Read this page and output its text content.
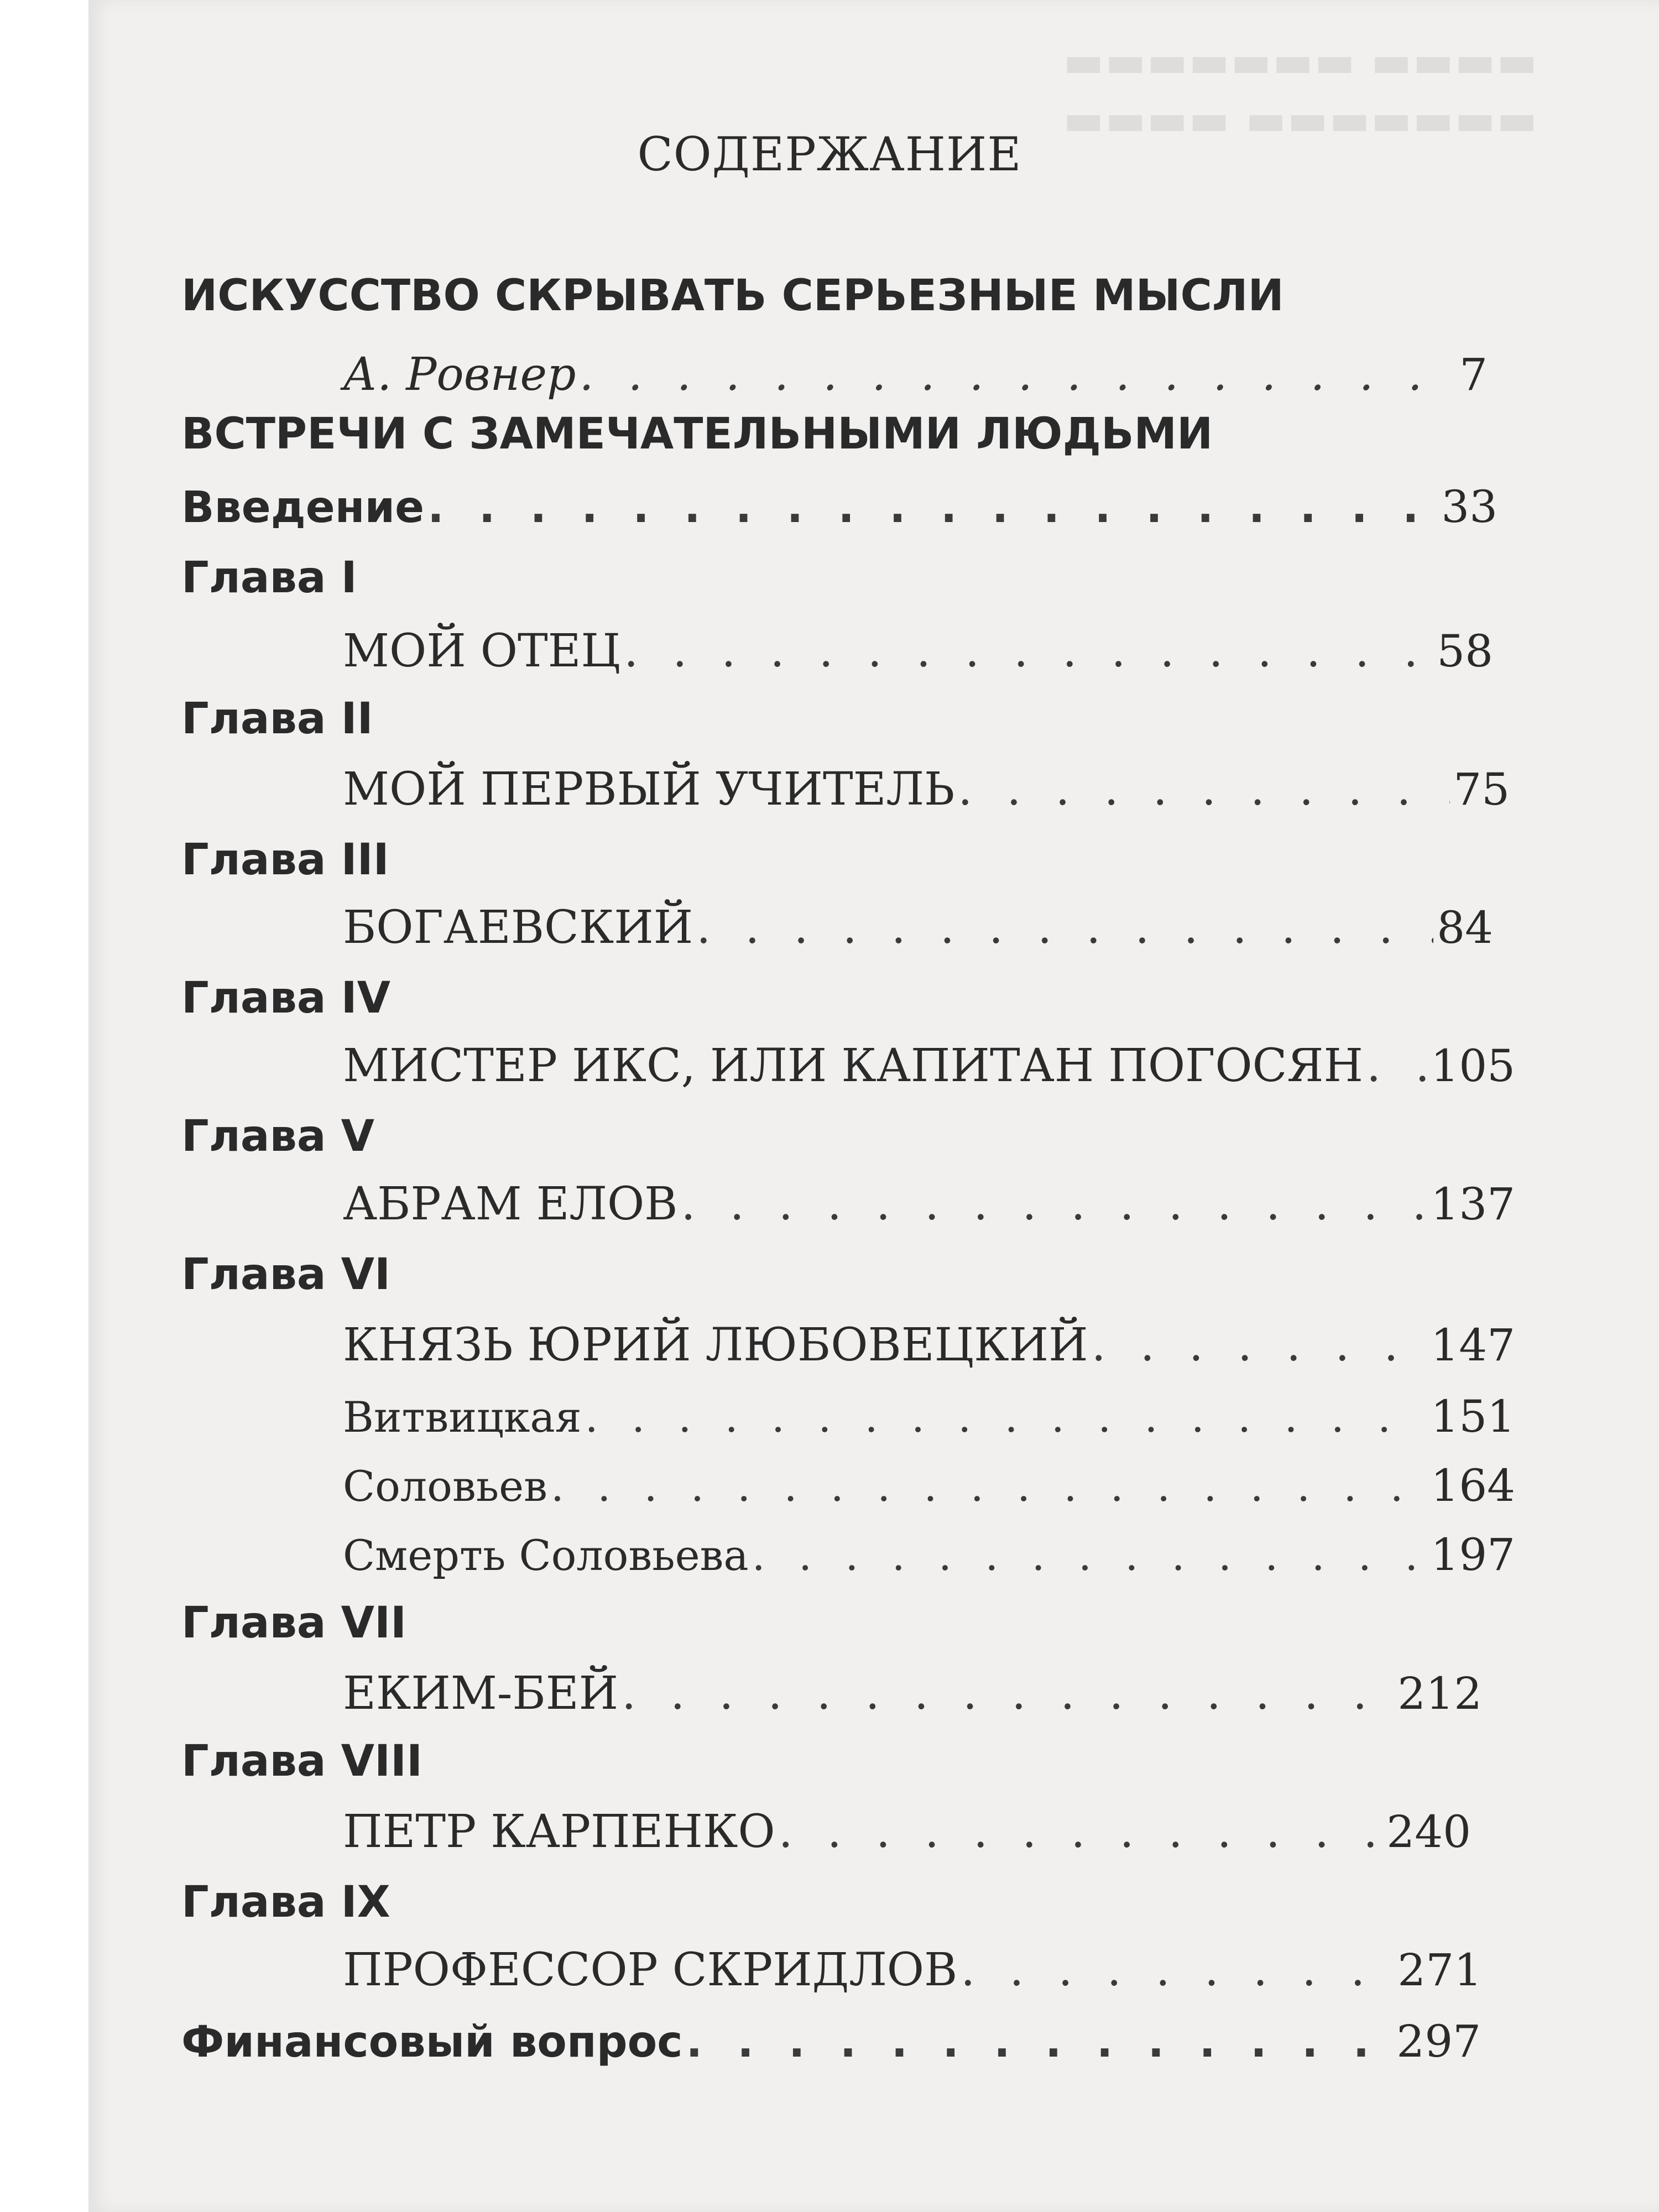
▬▬▬▬ ▬▬▬▬▬▬▬
▬▬▬▬▬▬▬ ▬▬▬▬
СОДЕРЖАНИЕ
ИСКУССТВО СКРЫВАТЬ СЕРЬЕЗНЫЕ МЫСЛИ
А. Ровнер . . .	7
ВСТРЕЧИ С ЗАМЕЧАТЕЛЬНЫМИ ЛЮДЬМИ
Введение . . .	33
Глава I
МОЙ ОТЕЦ . . .	58
Глава II
МОЙ ПЕРВЫЙ УЧИТЕЛЬ . . .	75
Глава III
БОГАЕВСКИЙ . . .	84
Глава IV
МИСТЕР ИКС, ИЛИ КАПИТАН ПОГОСЯН . . . 105
Глава V
АБРАМ ЕЛОВ . . .	137
Глава VI
КНЯЗЬ ЮРИЙ ЛЮБОВЕЦКИЙ . . .	147
Витвицкая . . .	151
Соловьев . . .	164
Смерть Соловьева . . .	197
Глава VII
ЕКИМ-БЕЙ . . .	212
Глава VIII
ПЕТР КАРПЕНКО . . .	240
Глава IX
ПРОФЕССОР СКРИДЛОВ . . .	271
Финансовый вопрос . . .	297
